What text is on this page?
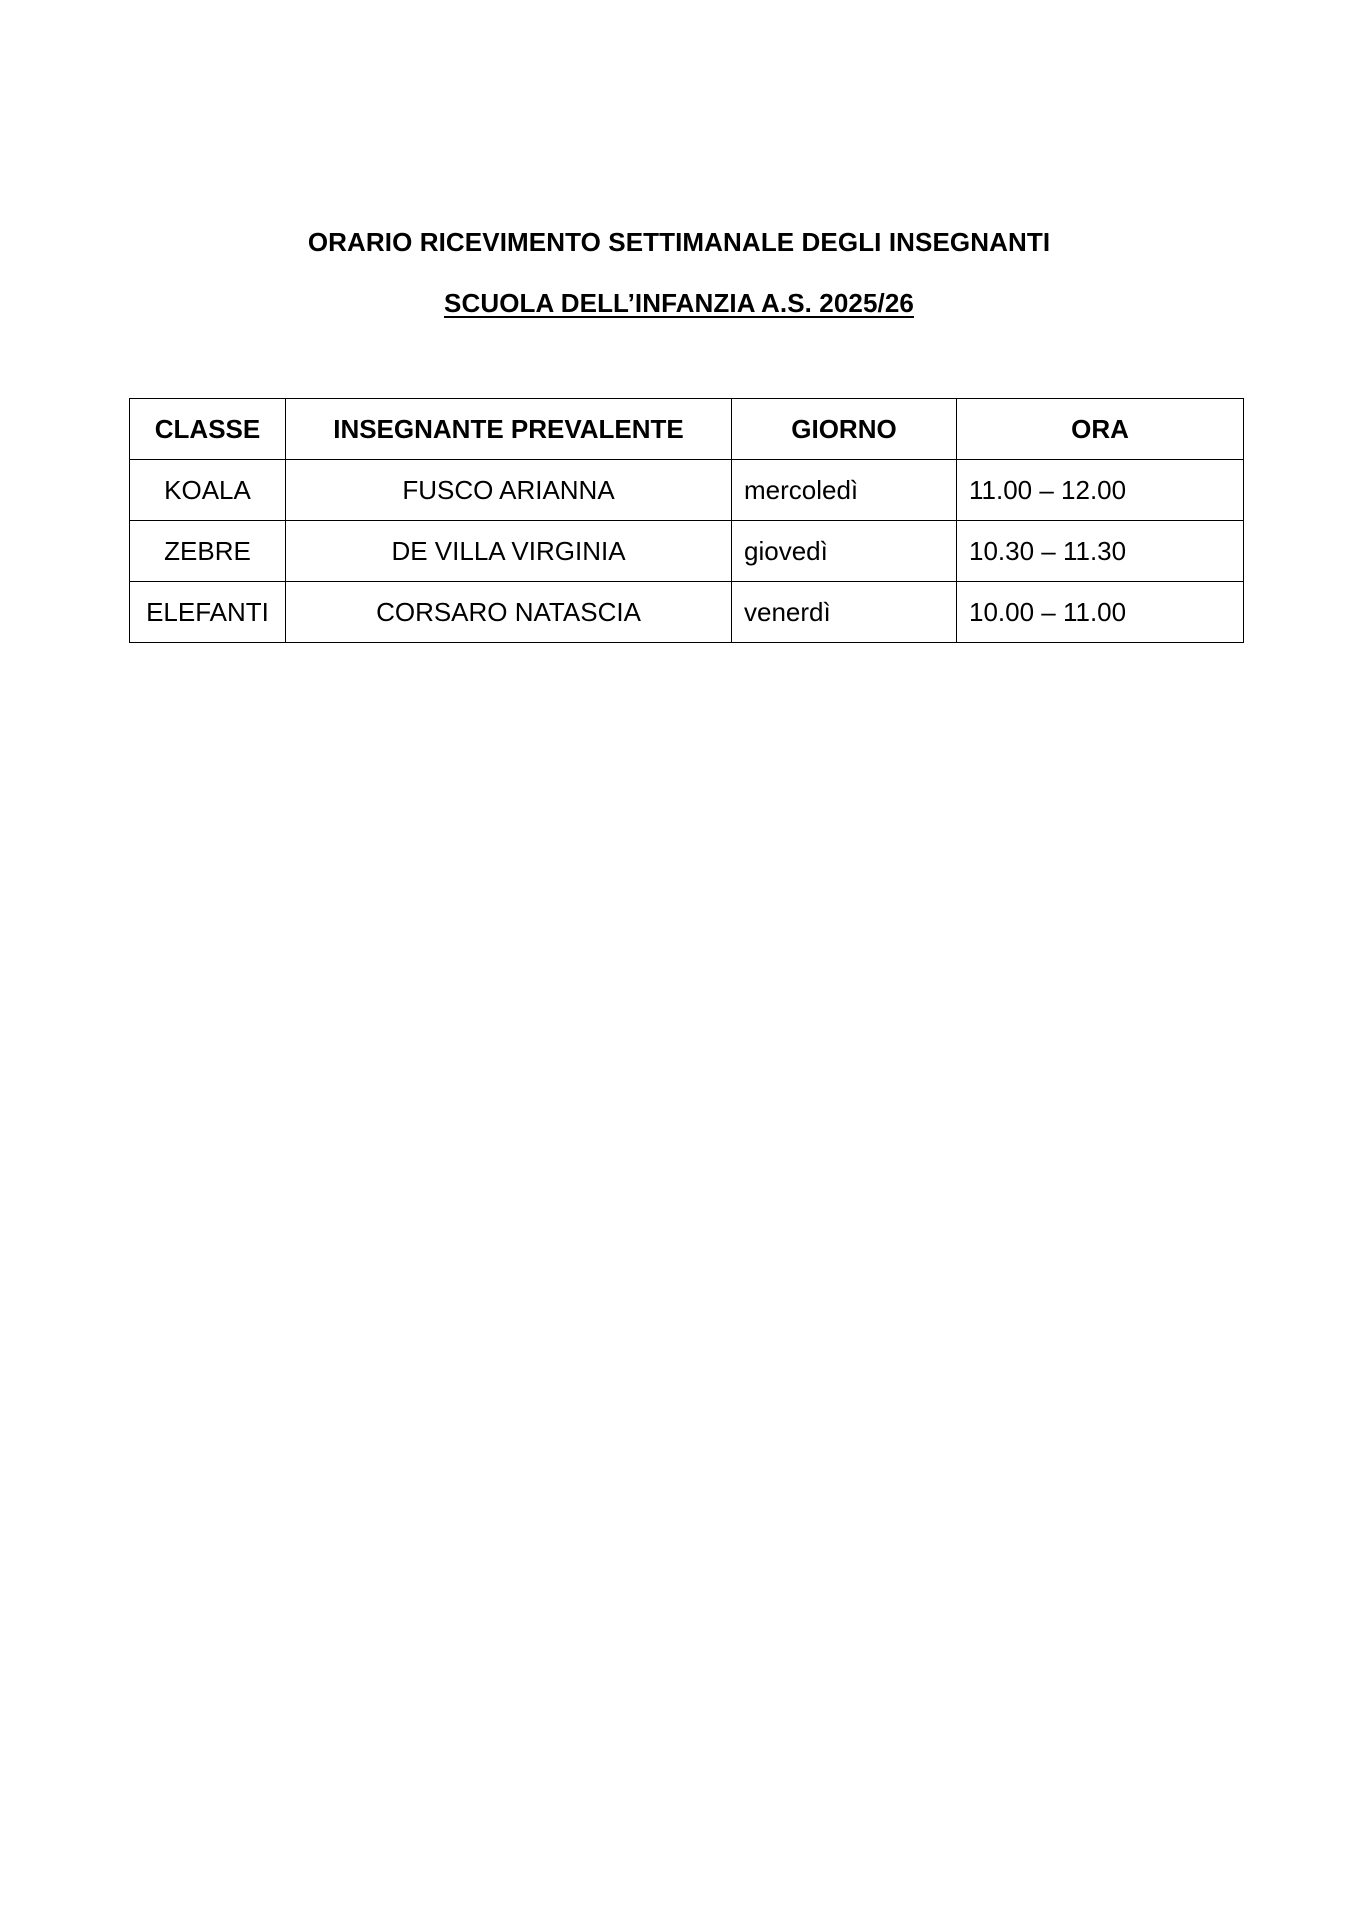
ORARIO RICEVIMENTO SETTIMANALE DEGLI INSEGNANTI
SCUOLA DELL’INFANZIA A.S. 2025/26
CLASSE	INSEGNANTE PREVALENTE	GIORNO	ORA
KOALA	FUSCO ARIANNA	mercoledì	11.00 – 12.00
ZEBRE	DE VILLA VIRGINIA	giovedì	10.30 – 11.30
ELEFANTI	CORSARO NATASCIA	venerdì	10.00 – 11.00
